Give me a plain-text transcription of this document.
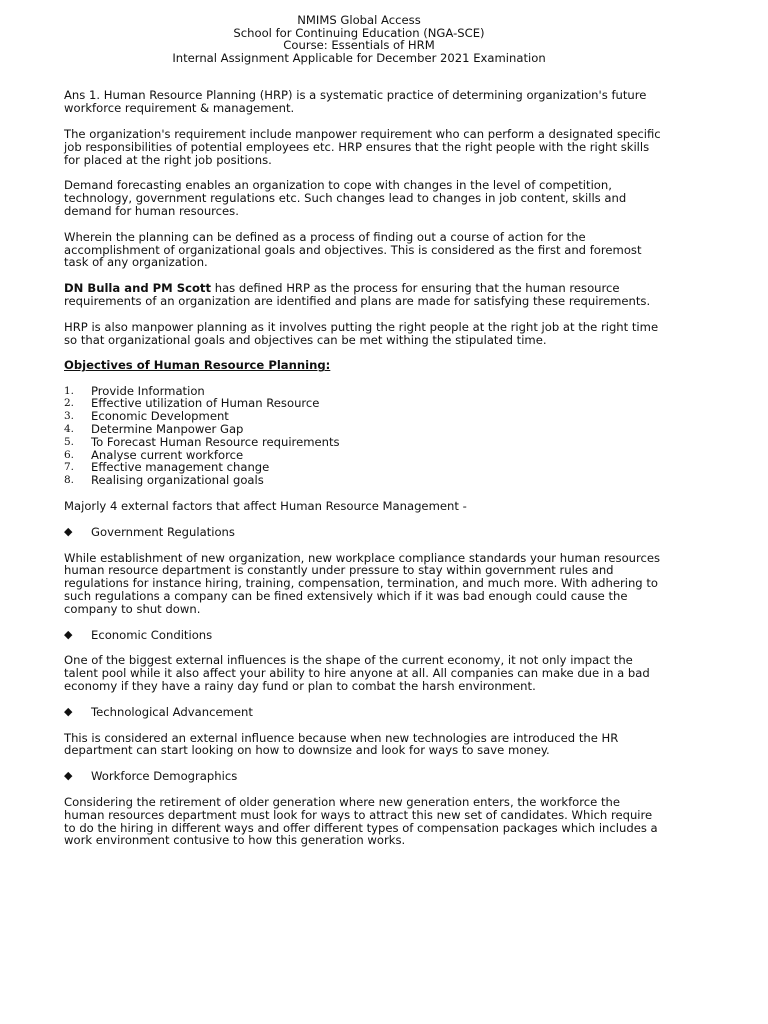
NMIMS Global Access
School for Continuing Education (NGA-SCE)
Course: Essentials of HRM
Internal Assignment Applicable for December 2021 Examination

Ans 1. Human Resource Planning (HRP) is a systematic practice of determining organization's future workforce requirement & management.

The organization's requirement include manpower requirement who can perform a designated specific job responsibilities of potential employees etc. HRP ensures that the right people with the right skills for placed at the right job positions.

Demand forecasting enables an organization to cope with changes in the level of competition, technology, government regulations etc. Such changes lead to changes in job content, skills and demand for human resources.

Wherein the planning can be defined as a process of finding out a course of action for the accomplishment of organizational goals and objectives. This is considered as the first and foremost task of any organization.

DN Bulla and PM Scott has defined HRP as the process for ensuring that the human resource requirements of an organization are identified and plans are made for satisfying these requirements.

HRP is also manpower planning as it involves putting the right people at the right job at the right time so that organizational goals and objectives can be met withing the stipulated time.

Objectives of Human Resource Planning:

1.	Provide Information
2.	Effective utilization of Human Resource
3.	Economic Development
4.	Determine Manpower Gap
5.	To Forecast Human Resource requirements
6.	Analyse current workforce
7.	Effective management change
8.	Realising organizational goals

Majorly 4 external factors that affect Human Resource Management -

◆	Government Regulations

While establishment of new organization, new workplace compliance standards your human resources human resource department is constantly under pressure to stay within government rules and regulations for instance hiring, training, compensation, termination, and much more. With adhering to such regulations a company can be fined extensively which if it was bad enough could cause the company to shut down.

◆	Economic Conditions

One of the biggest external influences is the shape of the current economy, it not only impact the talent pool while it also affect your ability to hire anyone at all. All companies can make due in a bad economy if they have a rainy day fund or plan to combat the harsh environment.

◆	Technological Advancement

This is considered an external influence because when new technologies are introduced the HR department can start looking on how to downsize and look for ways to save money.

◆	Workforce Demographics

Considering the retirement of older generation where new generation enters, the workforce the human resources department must look for ways to attract this new set of candidates. Which require to do the hiring in different ways and offer different types of compensation packages which includes a work environment contusive to how this generation works.
